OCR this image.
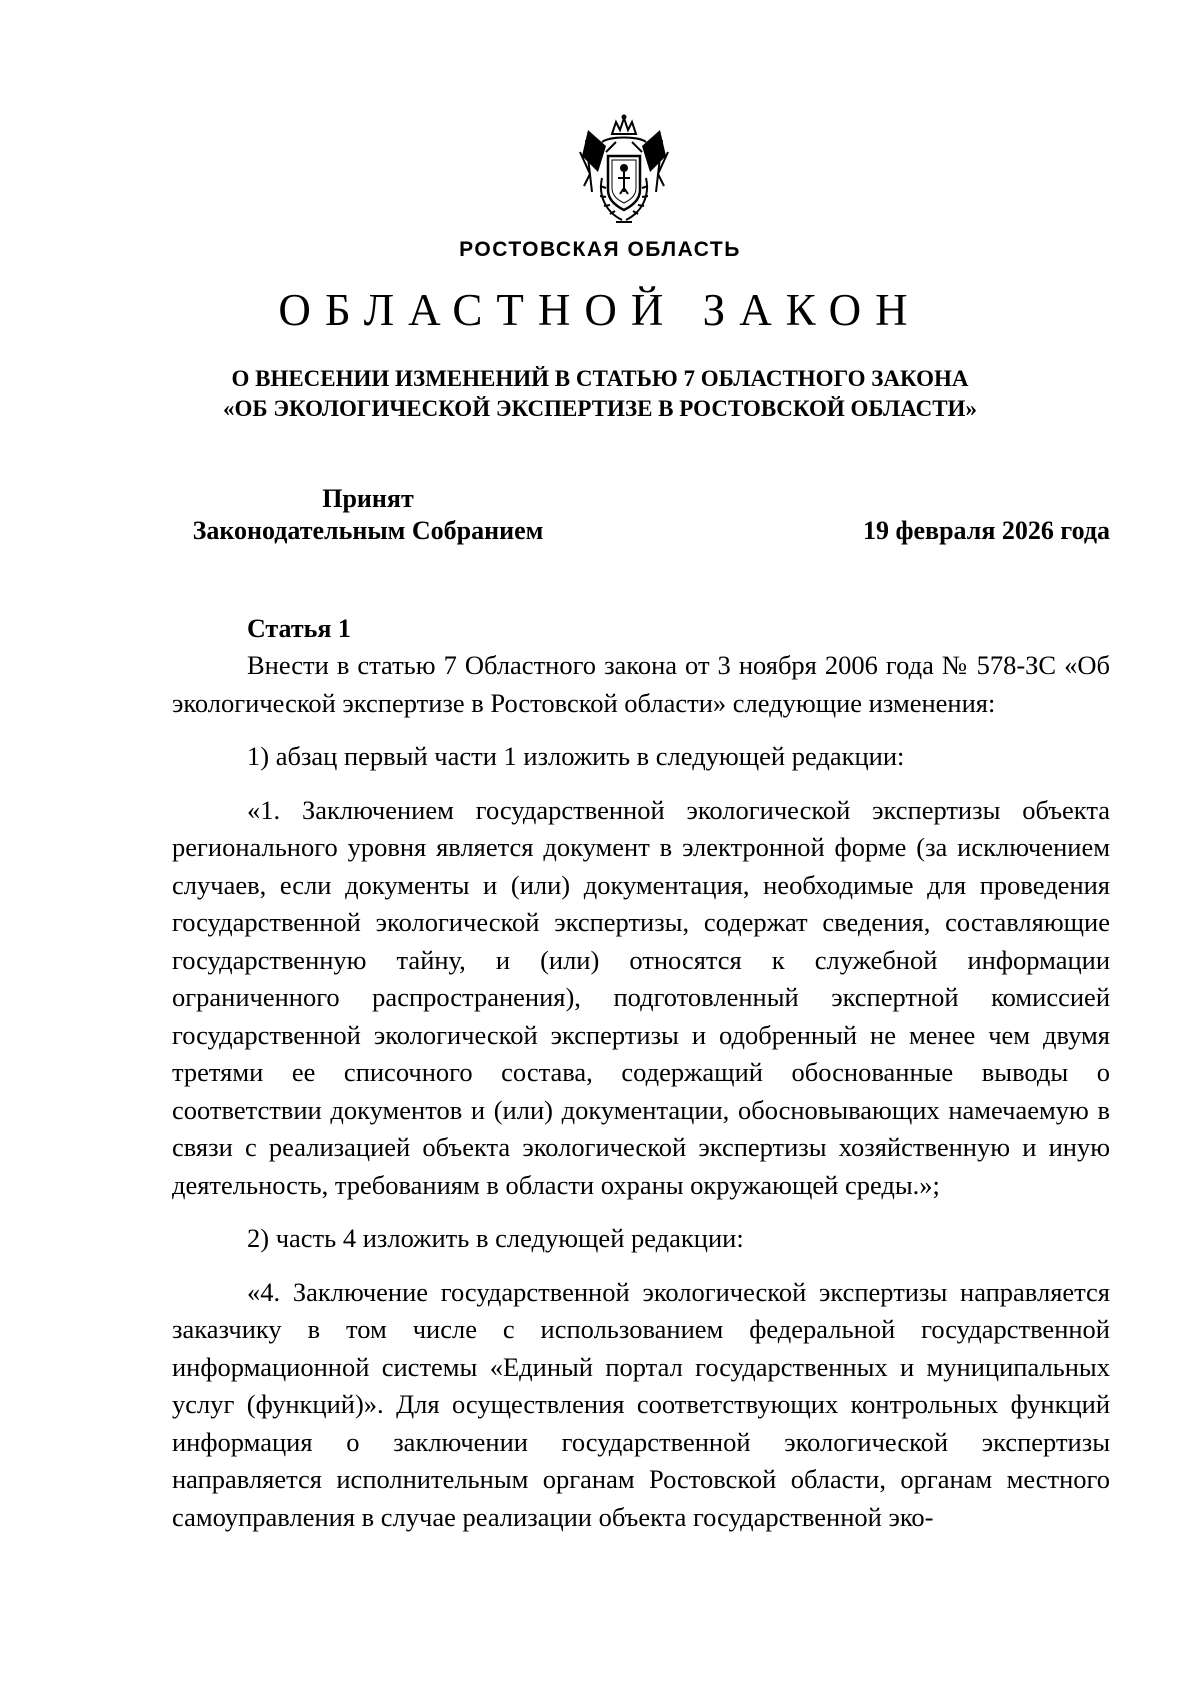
РОСТОВСКАЯ ОБЛАСТЬ
ОБЛАСТНОЙ ЗАКОН
О ВНЕСЕНИИ ИЗМЕНЕНИЙ В СТАТЬЮ 7 ОБЛАСТНОГО ЗАКОНА
«ОБ ЭКОЛОГИЧЕСКОЙ ЭКСПЕРТИЗЕ В РОСТОВСКОЙ ОБЛАСТИ»
Принят
Законодательным Собранием	19 февраля 2026 года
Статья 1

Внести в статью 7 Областного закона от 3 ноября 2006 года № 578-ЗС «Об экологической экспертизе в Ростовской области» следующие изменения:

1) абзац первый части 1 изложить в следующей редакции:

«1. Заключением государственной экологической экспертизы объекта регионального уровня является документ в электронной форме (за исключением случаев, если документы и (или) документация, необходимые для проведения государственной экологической экспертизы, содержат сведения, составляющие государственную тайну, и (или) относятся к служебной информации ограниченного распространения), подготовленный экспертной комиссией государственной экологической экспертизы и одобренный не менее чем двумя третями ее списочного состава, содержащий обоснованные выводы о соответствии документов и (или) документации, обосновывающих намечаемую в связи с реализацией объекта экологической экспертизы хозяйственную и иную деятельность, требованиям в области охраны окружающей среды.»;

2) часть 4 изложить в следующей редакции:

«4. Заключение государственной экологической экспертизы направляется заказчику в том числе с использованием федеральной государственной информационной системы «Единый портал государственных и муниципальных услуг (функций)». Для осуществления соответствующих контрольных функций информация о заключении государственной экологической экспертизы направляется исполнительным органам Ростовской области, органам местного самоуправления в случае реализации объекта государственной эко-
